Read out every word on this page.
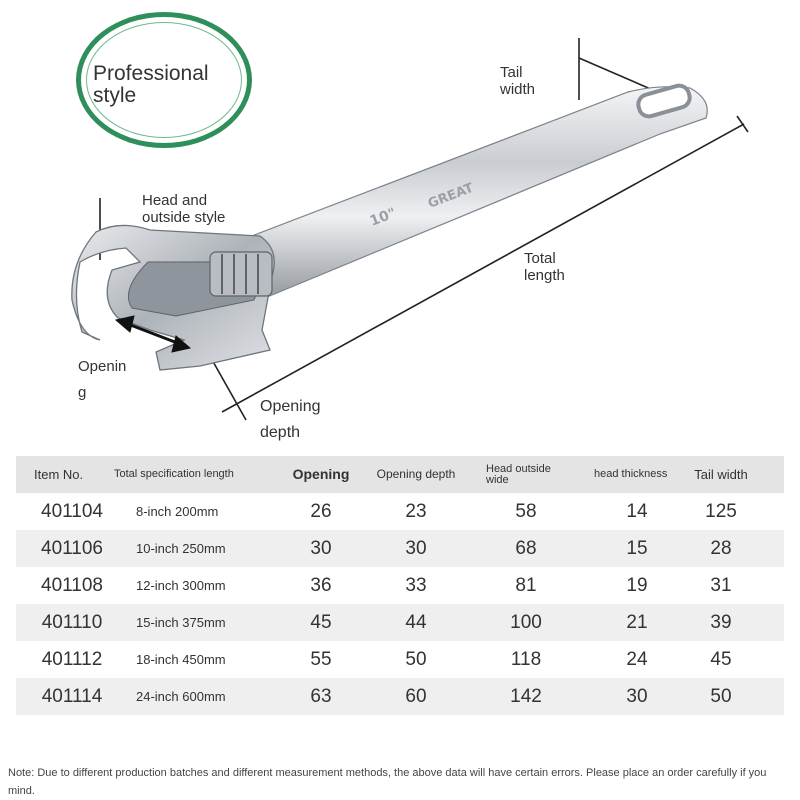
Professional
style
GREAT
10"
Tail
width
Head and
outside style
Total
length
Openin
g
Opening
depth
Item No.	Total specification length	Opening	Opening depth	Head outside wide	head thickness	Tail width
401104	8-inch 200mm	26	23	58	14	125
401106	10-inch 250mm	30	30	68	15	28
401108	12-inch 300mm	36	33	81	19	31
401110	15-inch 375mm	45	44	100	21	39
401112	18-inch 450mm	55	50	118	24	45
401114	24-inch 600mm	63	60	142	30	50
Note: Due to different production batches and different measurement methods, the above data will have certain errors. Please place an order carefully if you mind.
